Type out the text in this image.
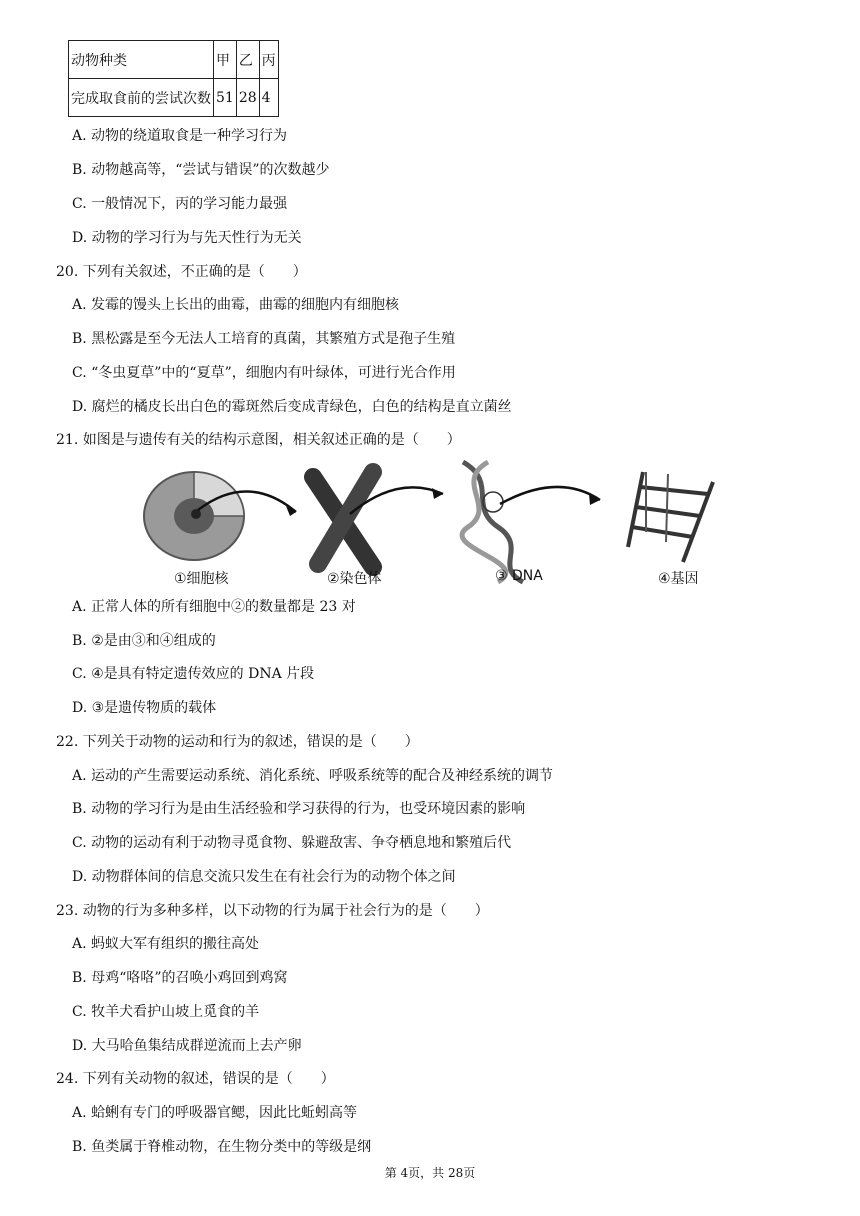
动物种类	甲	乙	丙
完成取食前的尝试次数	51	28	4
A. 动物的绕道取食是一种学习行为
B. 动物越高等，“尝试与错误”的次数越少
C. 一般情况下，丙的学习能力最强
D. 动物的学习行为与先天性行为无关
20. 下列有关叙述，不正确的是（　　）
A. 发霉的馒头上长出的曲霉，曲霉的细胞内有细胞核
B. 黑松露是至今无法人工培育的真菌，其繁殖方式是孢子生殖
C. “冬虫夏草”中的“夏草”，细胞内有叶绿体，可进行光合作用
D. 腐烂的橘皮长出白色的霉斑然后变成青绿色，白色的结构是直立菌丝
21. 如图是与遗传有关的结构示意图，相关叙述正确的是（　　）
①细胞核	②染色体	③ DNA	④基因
A. 正常人体的所有细胞中②的数量都是 23 对
B. ②是由③和④组成的
C. ④是具有特定遗传效应的 DNA 片段
D. ③是遗传物质的载体
22. 下列关于动物的运动和行为的叙述，错误的是（　　）
A. 运动的产生需要运动系统、消化系统、呼吸系统等的配合及神经系统的调节
B. 动物的学习行为是由生活经验和学习获得的行为，也受环境因素的影响
C. 动物的运动有利于动物寻觅食物、躲避敌害、争夺栖息地和繁殖后代
D. 动物群体间的信息交流只发生在有社会行为的动物个体之间
23. 动物的行为多种多样，以下动物的行为属于社会行为的是（　　）
A. 蚂蚁大军有组织的搬往高处
B. 母鸡“咯咯”的召唤小鸡回到鸡窝
C. 牧羊犬看护山坡上觅食的羊
D. 大马哈鱼集结成群逆流而上去产卵
24. 下列有关动物的叙述，错误的是（　　）
A. 蛤蜊有专门的呼吸器官鳃，因此比蚯蚓高等
B. 鱼类属于脊椎动物，在生物分类中的等级是纲
第 4页，共 28页
